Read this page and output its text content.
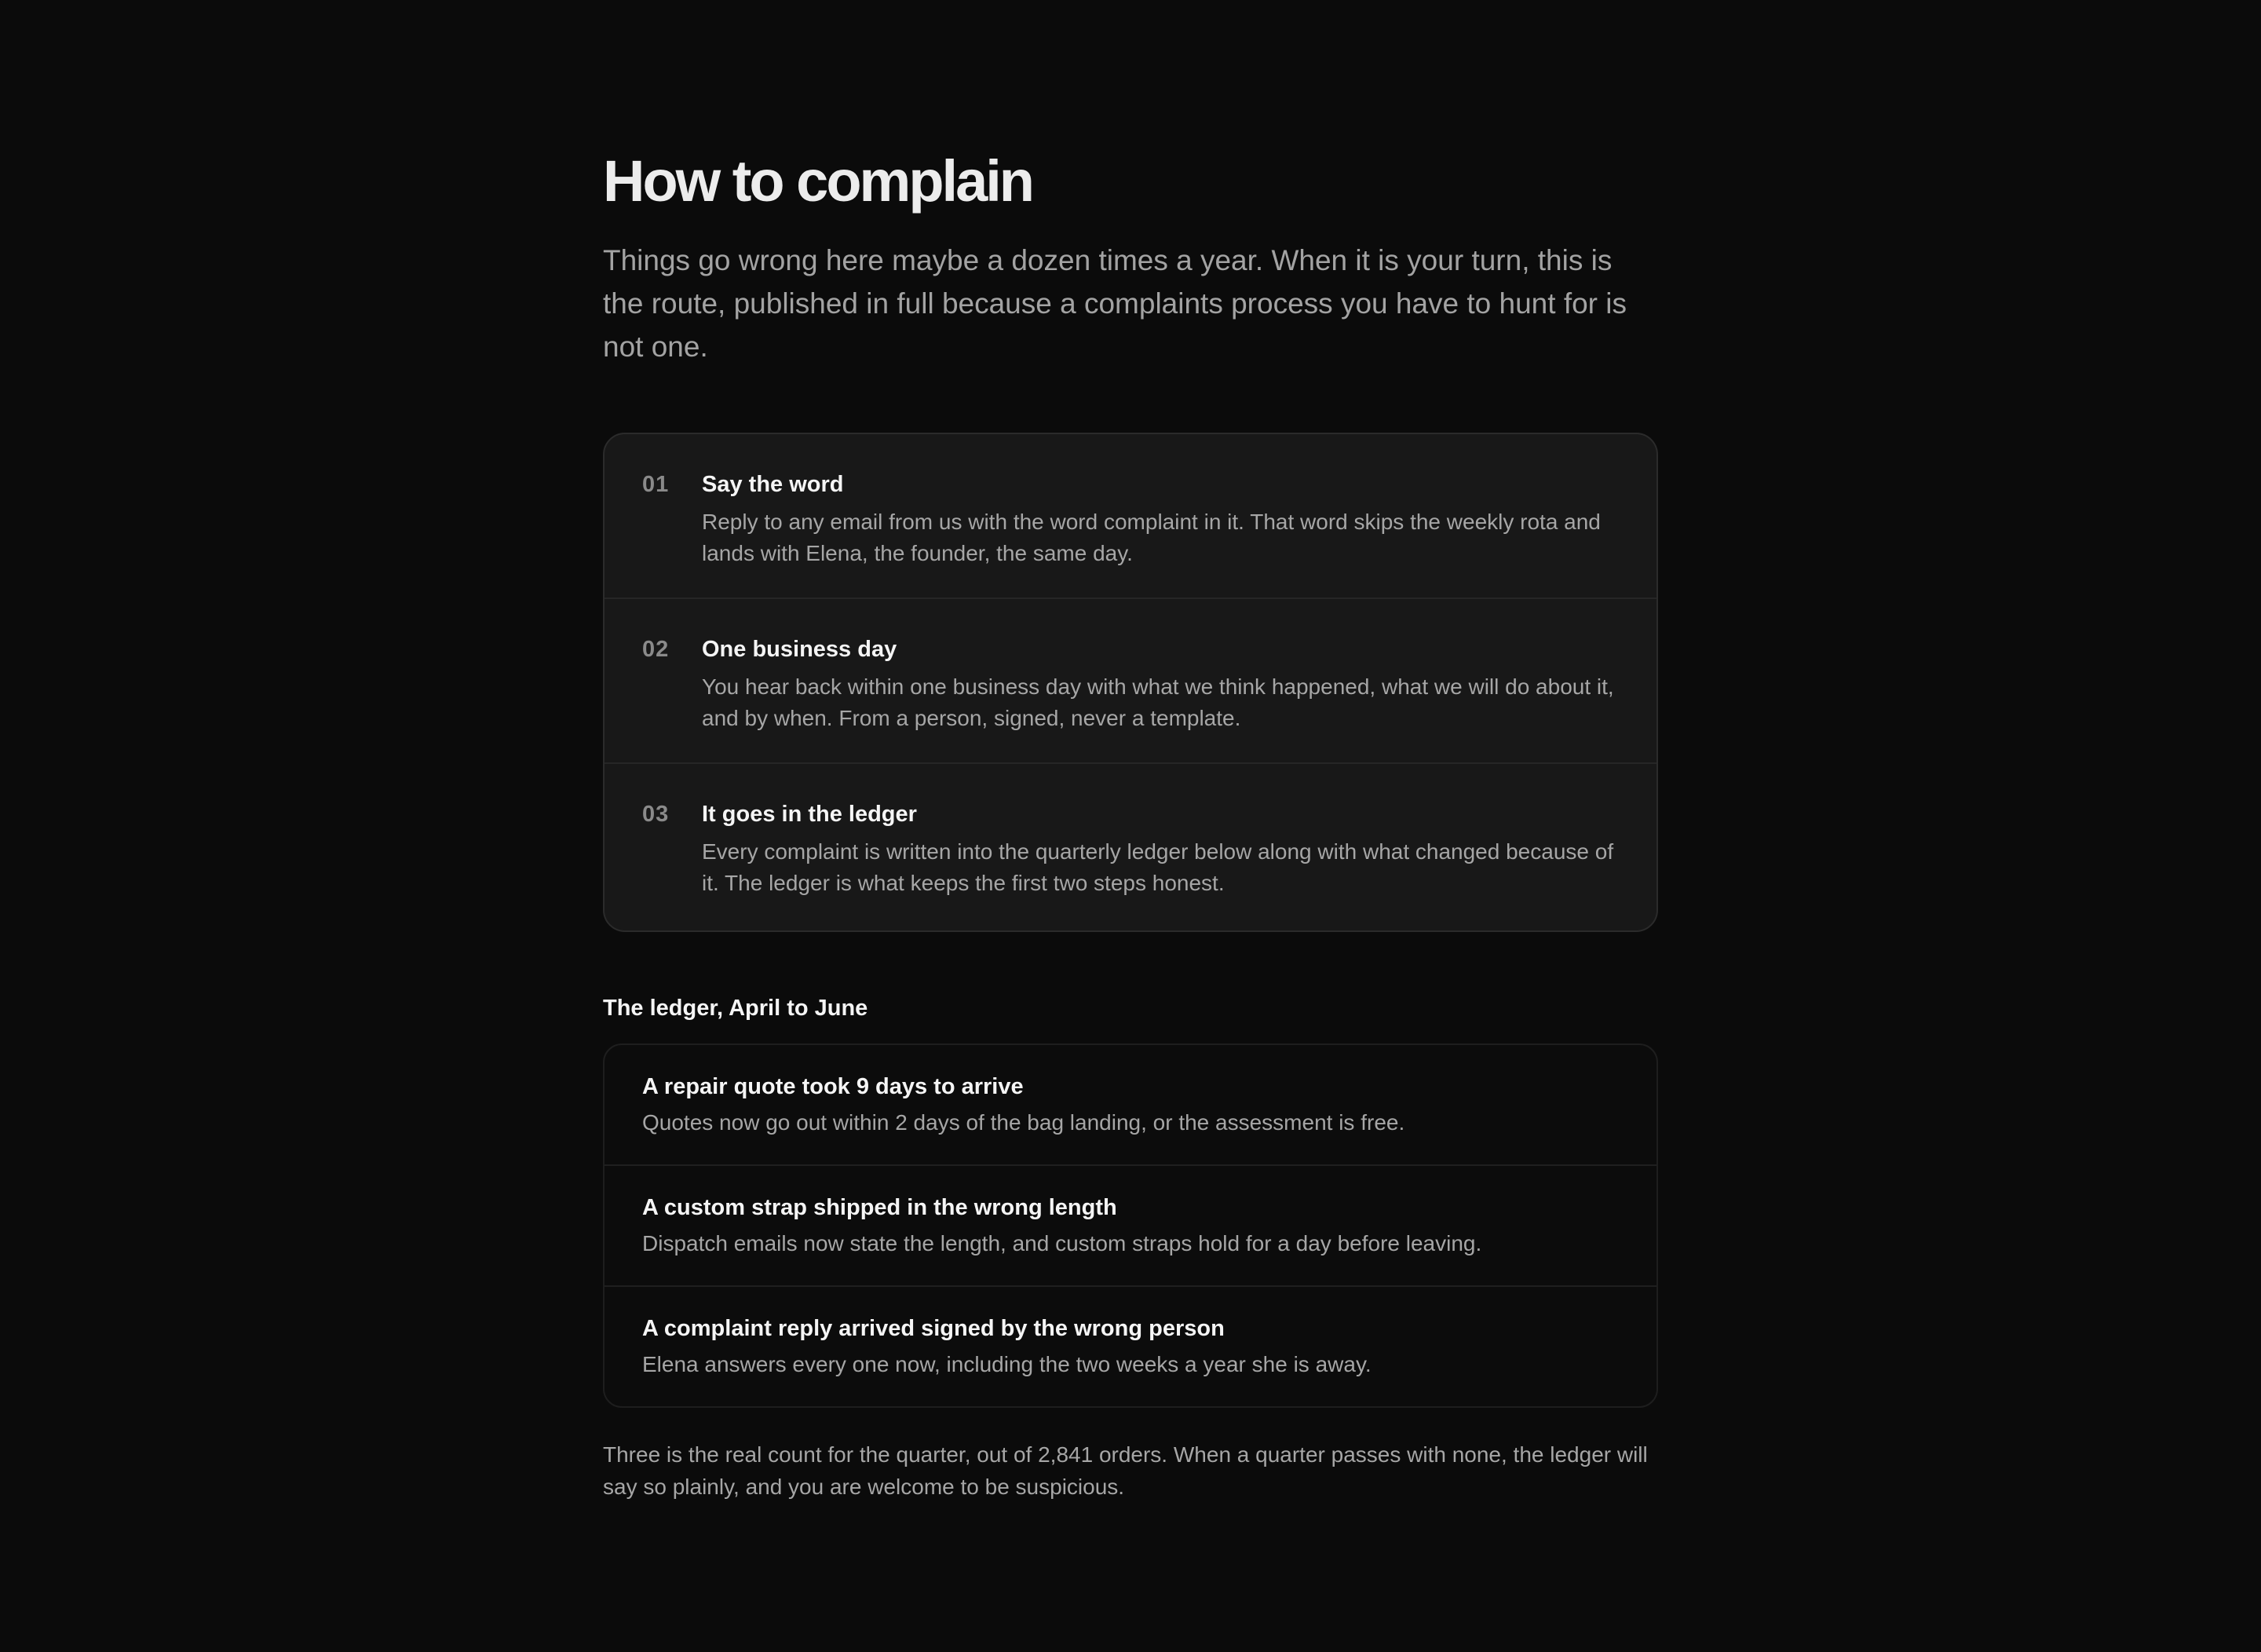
How to complain

Things go wrong here maybe a dozen times a year. When it is your turn, this is the route, published in full because a complaints process you have to hunt for is not one.

01 Say the word
Reply to any email from us with the word complaint in it. That word skips the weekly rota and lands with Elena, the founder, the same day.
02 One business day
You hear back within one business day with what we think happened, what we will do about it, and by when. From a person, signed, never a template.
03 It goes in the ledger
Every complaint is written into the quarterly ledger below along with what changed because of it. The ledger is what keeps the first two steps honest.
The ledger, April to June
A repair quote took 9 days to arrive
Quotes now go out within 2 days of the bag landing, or the assessment is free.
A custom strap shipped in the wrong length
Dispatch emails now state the length, and custom straps hold for a day before leaving.
A complaint reply arrived signed by the wrong person
Elena answers every one now, including the two weeks a year she is away.

Three is the real count for the quarter, out of 2,841 orders. When a quarter passes with none, the ledger will say so plainly, and you are welcome to be suspicious.
